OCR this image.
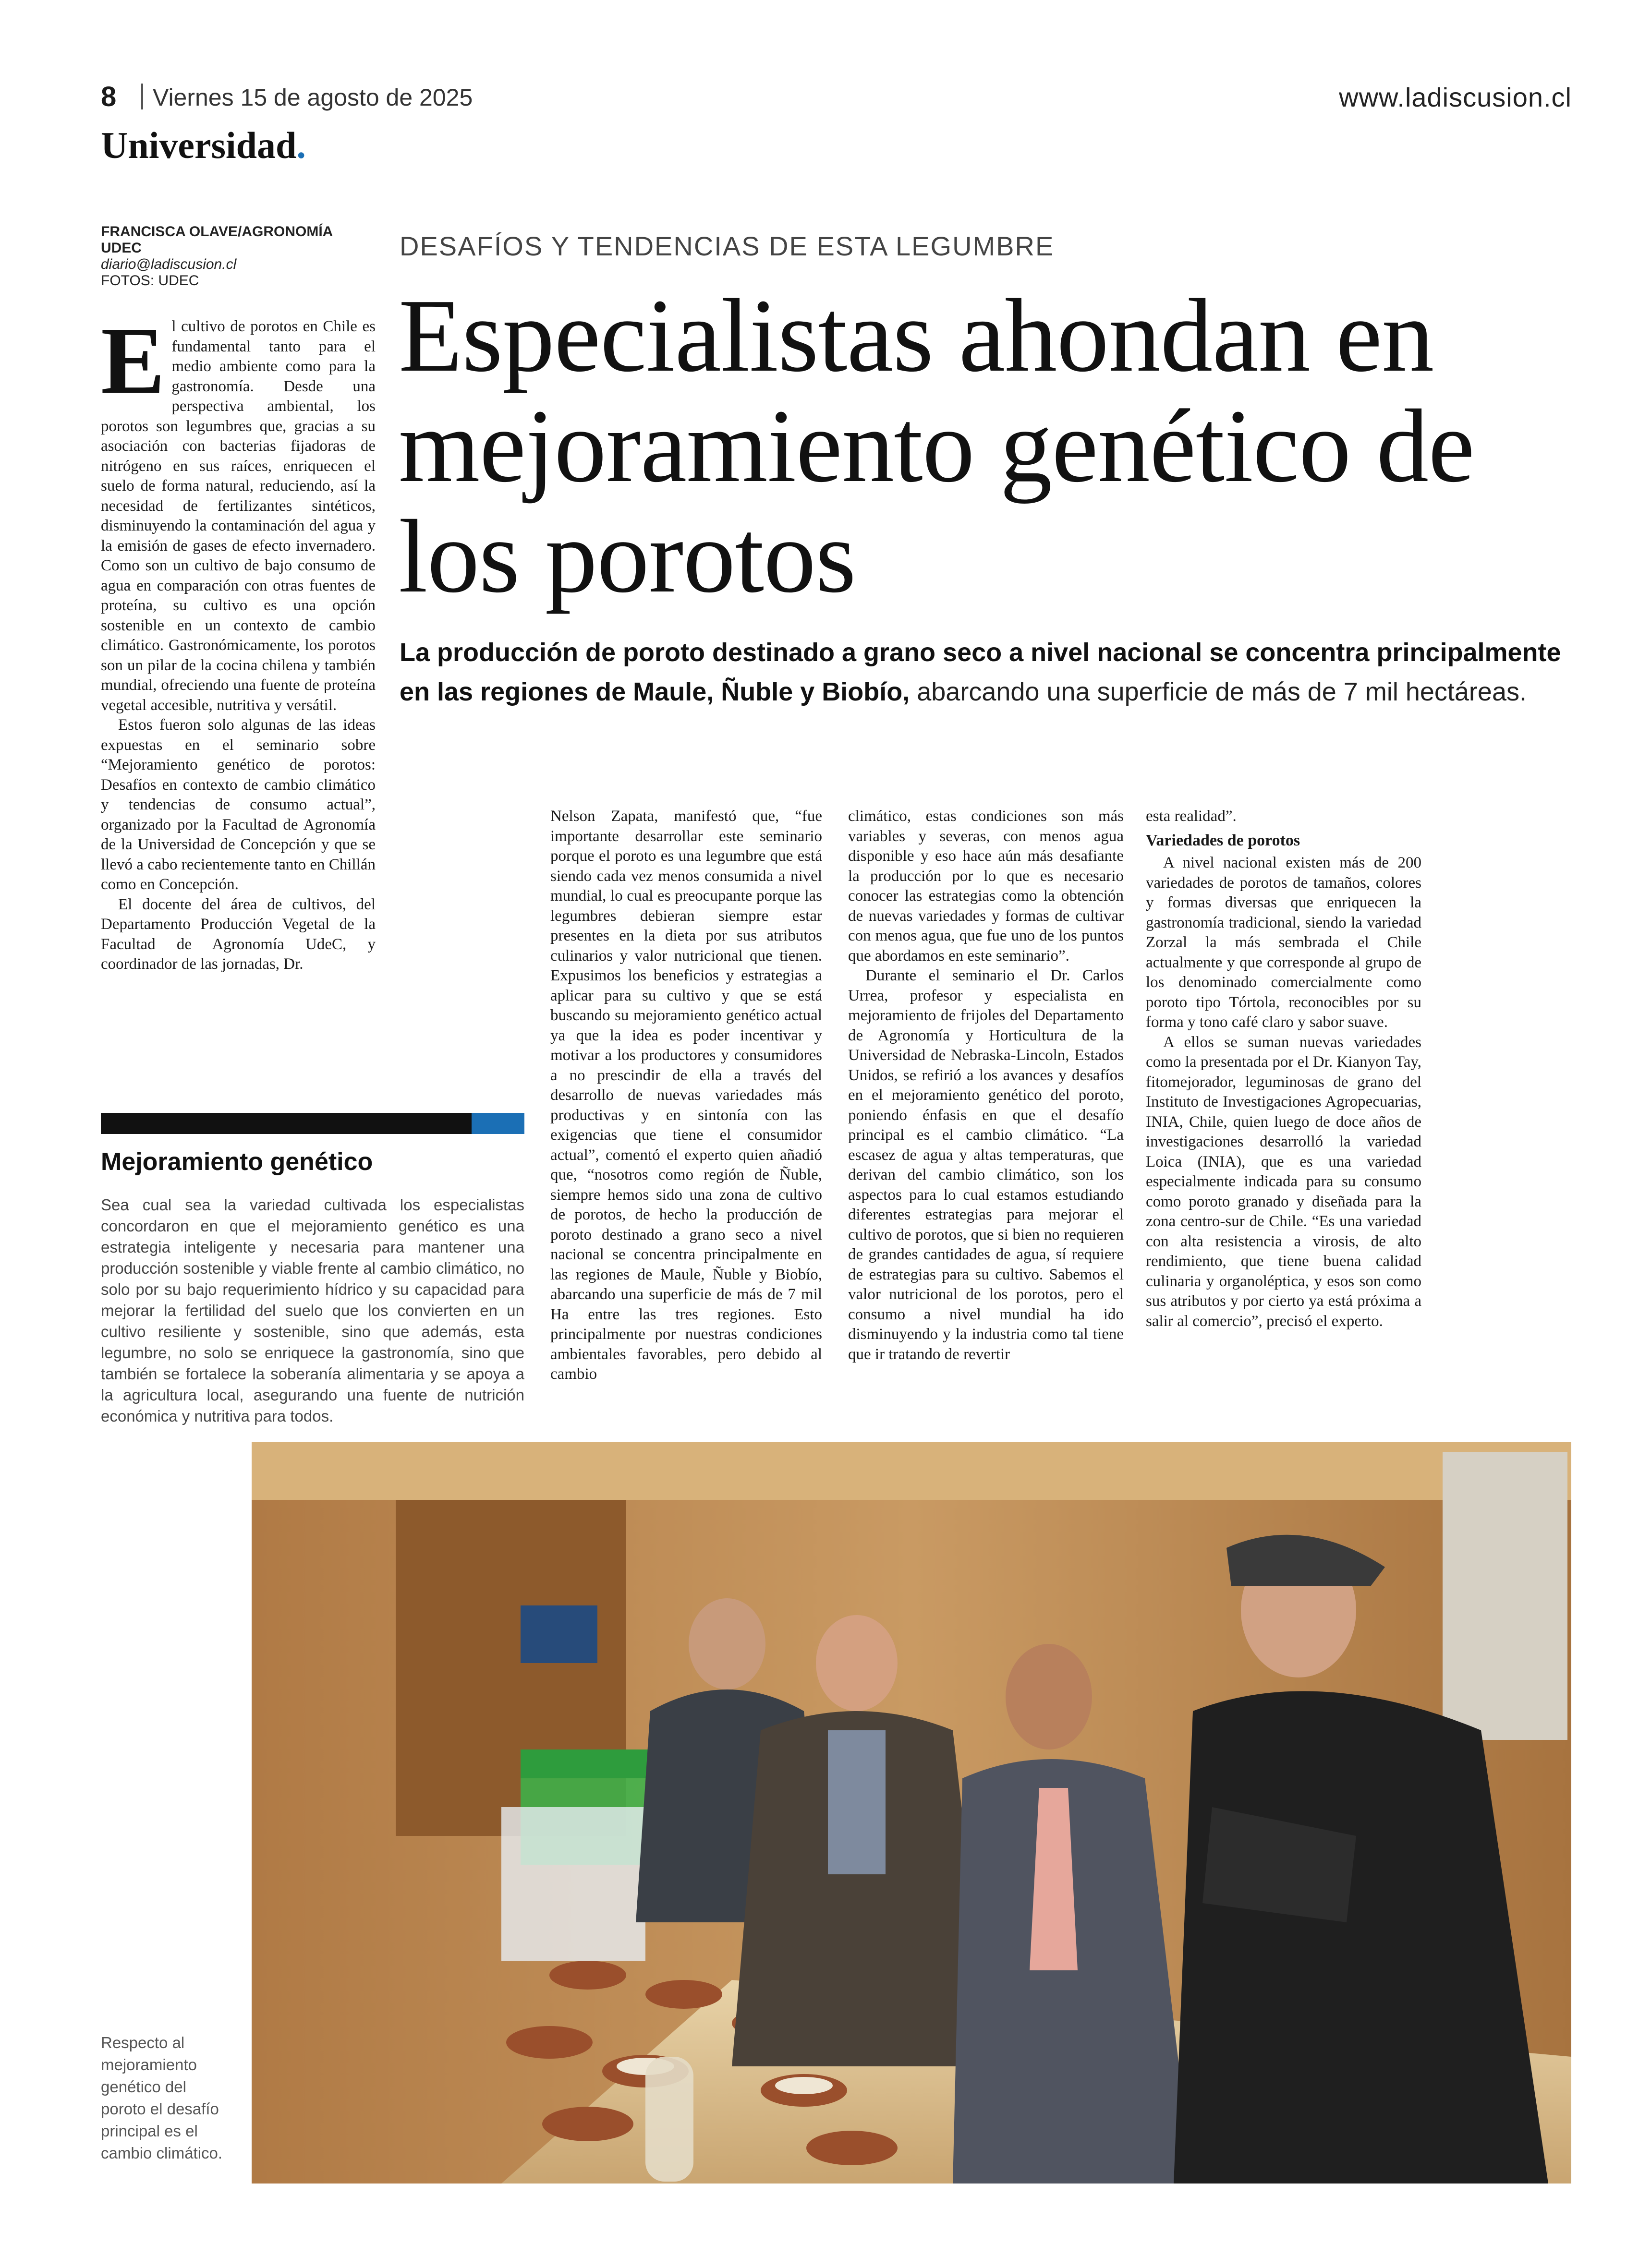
8 Viernes 15 de agosto de 2025	www.ladiscusion.cl
Universidad.
FRANCISCA OLAVE/AGRONOMÍA UDEC
diario@ladiscusion.cl
FOTOS: UDEC
DESAFÍOS Y TENDENCIAS DE ESTA LEGUMBRE
Especialistas ahondan en mejoramiento genético de los porotos
La producción de poroto destinado a grano seco a nivel nacional se concentra principalmente en las regiones de Maule, Ñuble y Biobío, abarcando una superficie de más de 7 mil hectáreas.

El cultivo de porotos en Chile es fundamental tanto para el medio ambiente como para la gastronomía. Desde una perspectiva ambiental, los porotos son legumbres que, gracias a su asociación con bacterias fijadoras de nitrógeno en sus raíces, enriquecen el suelo de forma natural, reduciendo, así la necesidad de fertilizantes sintéticos, disminuyendo la contaminación del agua y la emisión de gases de efecto invernadero. Como son un cultivo de bajo consumo de agua en comparación con otras fuentes de proteína, su cultivo es una opción sostenible en un contexto de cambio climático. Gastronómicamente, los porotos son un pilar de la cocina chilena y también mundial, ofreciendo una fuente de proteína vegetal accesible, nutritiva y versátil.

Estos fueron solo algunas de las ideas expuestas en el seminario sobre “Mejoramiento genético de porotos: Desafíos en contexto de cambio climático y tendencias de consumo actual”, organizado por la Facultad de Agronomía de la Universidad de Concepción y que se llevó a cabo recientemente tanto en Chillán como en Concepción.

El docente del área de cultivos, del Departamento Producción Vegetal de la Facultad de Agronomía UdeC, y coordinador de las jornadas, Dr.

Nelson Zapata, manifestó que, “fue importante desarrollar este seminario porque el poroto es una legumbre que está siendo cada vez menos consumida a nivel mundial, lo cual es preocupante porque las legumbres debieran siempre estar presentes en la dieta por sus atributos culinarios y valor nutricional que tienen. Expusimos los beneficios y estrategias a aplicar para su cultivo y que se está buscando su mejoramiento genético actual ya que la idea es poder incentivar y motivar a los productores y consumidores a no prescindir de ella a través del desarrollo de nuevas variedades más productivas y en sintonía con las exigencias que tiene el consumidor actual”, comentó el experto quien añadió que, “nosotros como región de Ñuble, siempre hemos sido una zona de cultivo de porotos, de hecho la producción de poroto destinado a grano seco a nivel nacional se concentra principalmente en las regiones de Maule, Ñuble y Biobío, abarcando una superficie de más de 7 mil Ha entre las tres regiones. Esto principalmente por nuestras condiciones ambientales favorables, pero debido al cambio

climático, estas condiciones son más variables y severas, con menos agua disponible y eso hace aún más desafiante la producción por lo que es necesario conocer las estrategias como la obtención de nuevas variedades y formas de cultivar con menos agua, que fue uno de los puntos que abordamos en este seminario”.

Durante el seminario el Dr. Carlos Urrea, profesor y especialista en mejoramiento de frijoles del Departamento de Agronomía y Horticultura de la Universidad de Nebraska-Lincoln, Estados Unidos, se refirió a los avances y desafíos en el mejoramiento genético del poroto, poniendo énfasis en que el desafío principal es el cambio climático. “La escasez de agua y altas temperaturas, que derivan del cambio climático, son los aspectos para lo cual estamos estudiando diferentes estrategias para mejorar el cultivo de porotos, que si bien no requieren de grandes cantidades de agua, sí requiere de estrategias para su cultivo. Sabemos el valor nutricional de los porotos, pero el consumo a nivel mundial ha ido disminuyendo y la industria como tal tiene que ir tratando de revertir

esta realidad”.

Variedades de porotos

A nivel nacional existen más de 200 variedades de porotos de tamaños, colores y formas diversas que enriquecen la gastronomía tradicional, siendo la variedad Zorzal la más sembrada el Chile actualmente y que corresponde al grupo de los denominado comercialmente como poroto tipo Tórtola, reconocibles por su forma y tono café claro y sabor suave.

A ellos se suman nuevas variedades como la presentada por el Dr. Kianyon Tay, fitomejorador, leguminosas de grano del Instituto de Investigaciones Agropecuarias, INIA, Chile, quien luego de doce años de investigaciones desarrolló la variedad Loica (INIA), que es una variedad especialmente indicada para su consumo como poroto granado y diseñada para la zona centro-sur de Chile. “Es una variedad con alta resistencia a virosis, de alto rendimiento, que tiene buena calidad culinaria y organoléptica, y esos son como sus atributos y por cierto ya está próxima a salir al comercio”, precisó el experto.

Mejoramiento genético
Sea cual sea la variedad cultivada los especialistas concordaron en que el mejoramiento genético es una estrategia inteligente y necesaria para mantener una producción sostenible y viable frente al cambio climático, no solo por su bajo requerimiento hídrico y su capacidad para mejorar la fertilidad del suelo que los convierten en un cultivo resiliente y sostenible, sino que además, esta legumbre, no solo se enriquece la gastronomía, sino que también se fortalece la soberanía alimentaria y se apoya a la agricultura local, asegurando una fuente de nutrición económica y nutritiva para todos.
Respecto al mejoramiento genético del poroto el desafío principal es el cambio climático.
